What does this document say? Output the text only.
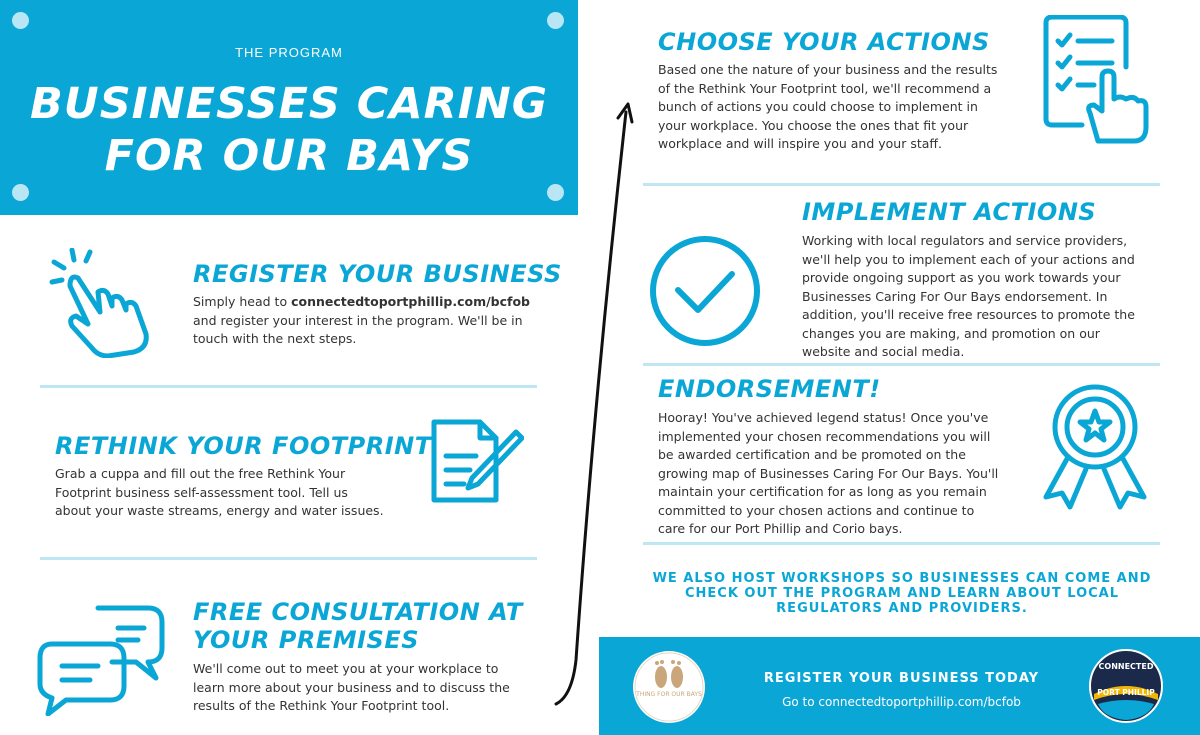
THE PROGRAM
BUSINESSES CARING
FOR OUR BAYS
REGISTER YOUR BUSINESS
Simply head to connectedtoportphillip.com/bcfob and register your interest in the program. We'll be in touch with the next steps.
RETHINK YOUR FOOTPRINT
Grab a cuppa and fill out the free Rethink Your Footprint business self-assessment tool. Tell us about your waste streams, energy and water issues.
FREE CONSULTATION AT
YOUR PREMISES
We'll come out to meet you at your workplace to learn more about your business and to discuss the results of the Rethink Your Footprint tool.
CHOOSE YOUR ACTIONS
Based one the nature of your business and the results of the Rethink Your Footprint tool, we'll recommend a bunch of actions you could choose to implement in your workplace. You choose the ones that fit your workplace and will inspire you and your staff.
IMPLEMENT ACTIONS
Working with local regulators and service providers, we'll help you to implement each of your actions and provide ongoing support as you work towards your Businesses Caring For Our Bays endorsement. In addition, you'll receive free resources to promote the changes you are making, and promotion on our website and social media.
ENDORSEMENT!
Hooray! You've achieved legend status! Once you've implemented your chosen recommendations you will be awarded certification and be promoted on the growing map of Businesses Caring For Our Bays. You'll maintain your certification for as long as you remain committed to your chosen actions and continue to care for our Port Phillip and Corio bays.
WE ALSO HOST WORKSHOPS SO BUSINESSES CAN COME AND CHECK OUT THE PROGRAM AND LEARN ABOUT LOCAL REGULATORS AND PROVIDERS.
THING FOR OUR BAYS
REGISTER YOUR BUSINESS TODAY
Go to connectedtoportphillip.com/bcfob
CONNECTED
PORT PHILLIP
